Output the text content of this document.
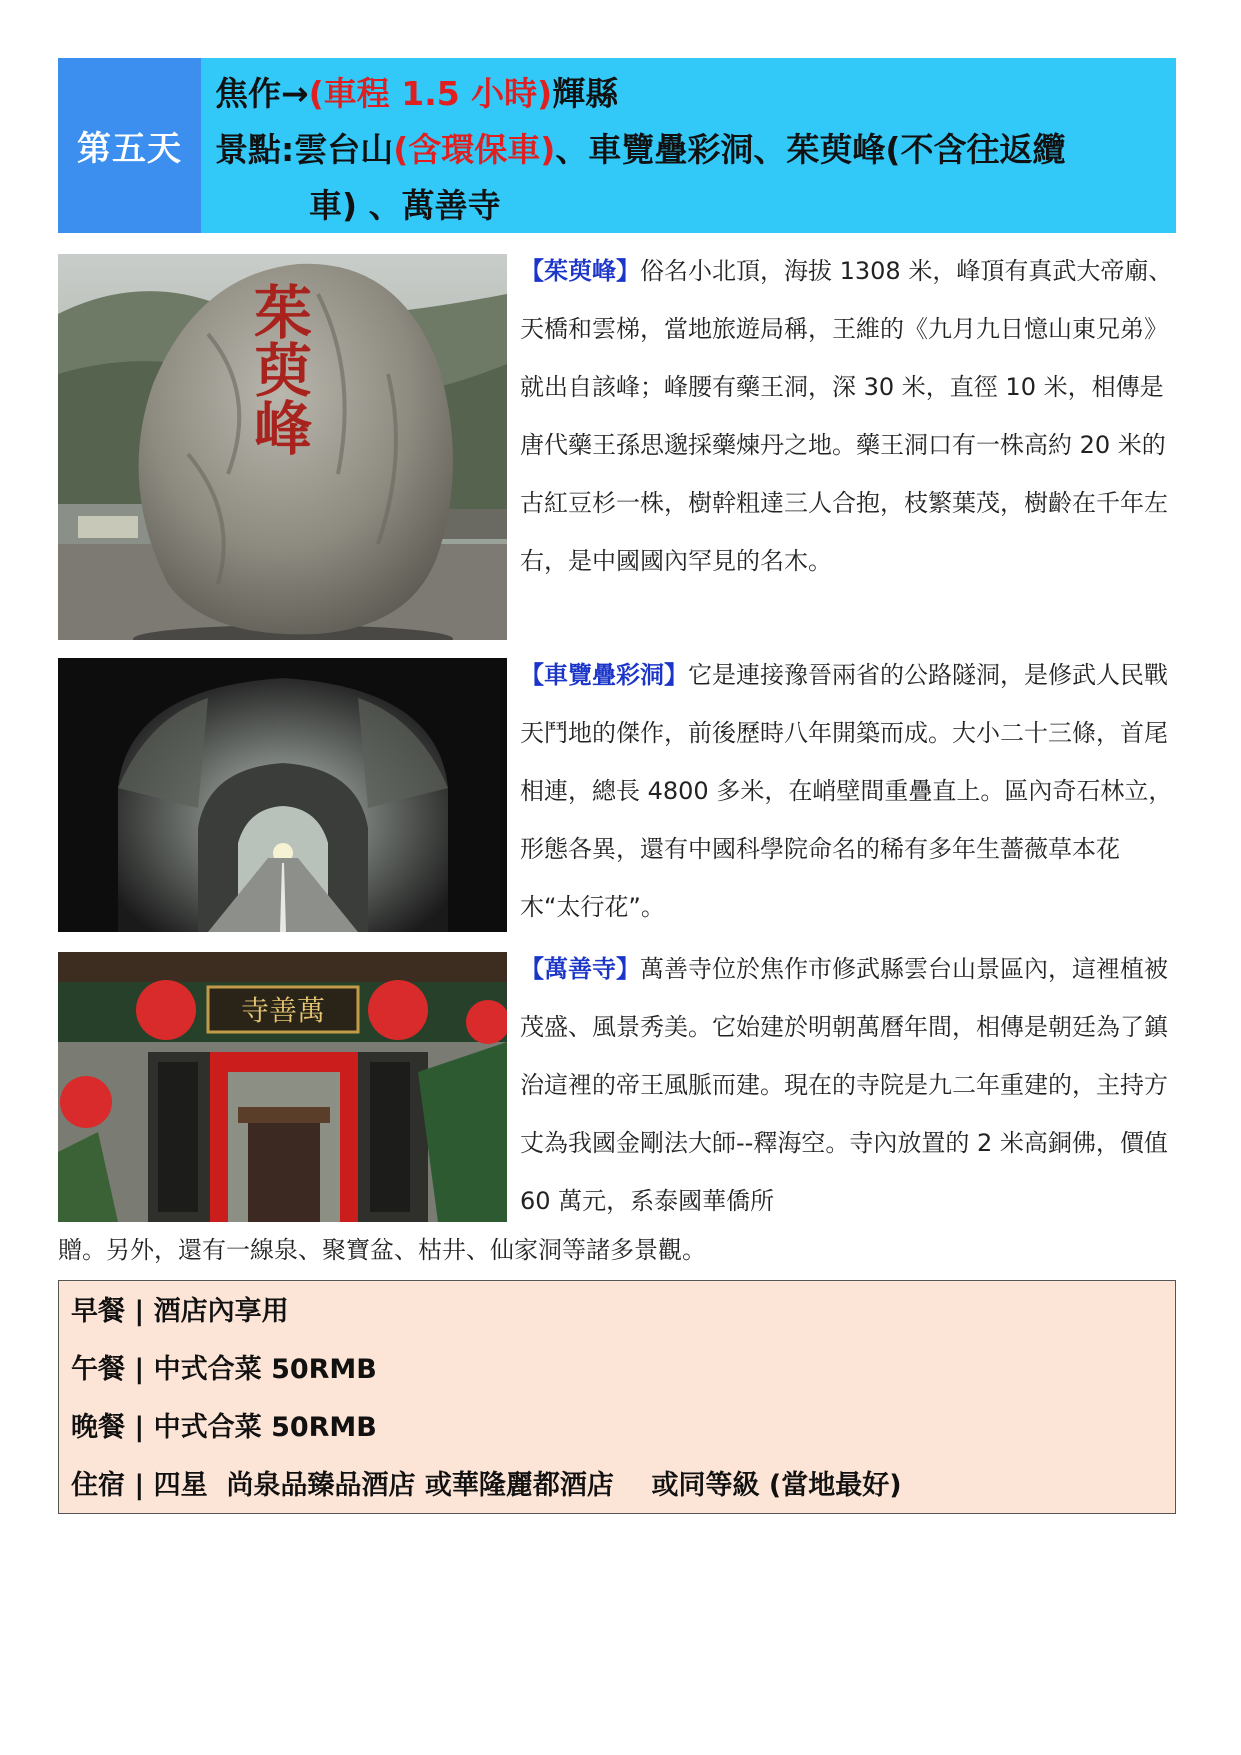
第五天
焦作→(車程 1.5 小時)輝縣
景點:雲台山(含環保車)、車覽疊彩洞、茱萸峰(不含往返纜
車) 、萬善寺
茱萸峰
寺善萬
【茱萸峰】俗名小北頂，海拔 1308 米，峰頂有真武大帝廟、天橋和雲梯，當地旅遊局稱，王維的《九月九日憶山東兄弟》就出自該峰；峰腰有藥王洞，深 30 米，直徑 10 米，相傳是唐代藥王孫思邈採藥煉丹之地。藥王洞口有一株高約 20 米的古紅豆杉一株，樹幹粗達三人合抱，枝繁葉茂，樹齡在千年左右，是中國國內罕見的名木。
【車覽疊彩洞】它是連接豫晉兩省的公路隧洞，是修武人民戰天鬥地的傑作，前後歷時八年開築而成。大小二十三條，首尾相連，總長 4800 多米，在峭壁間重疊直上。區內奇石林立，形態各異，還有中國科學院命名的稀有多年生薔薇草本花木“太行花”。
【萬善寺】萬善寺位於焦作市修武縣雲台山景區內，這裡植被茂盛、風景秀美。它始建於明朝萬曆年間，相傳是朝廷為了鎮治這裡的帝王風脈而建。現在的寺院是九二年重建的，主持方丈為我國金剛法大師--釋海空。寺內放置的 2 米高銅佛，價值 60 萬元，系泰國華僑所
贈。另外，還有一線泉、聚寶盆、枯井、仙家洞等諸多景觀。
早餐 | 酒店內享用
午餐 | 中式合菜 50RMB
晚餐 | 中式合菜 50RMB
住宿 | 四星  尚泉品臻品酒店 或華隆麗都酒店    或同等級 (當地最好)
